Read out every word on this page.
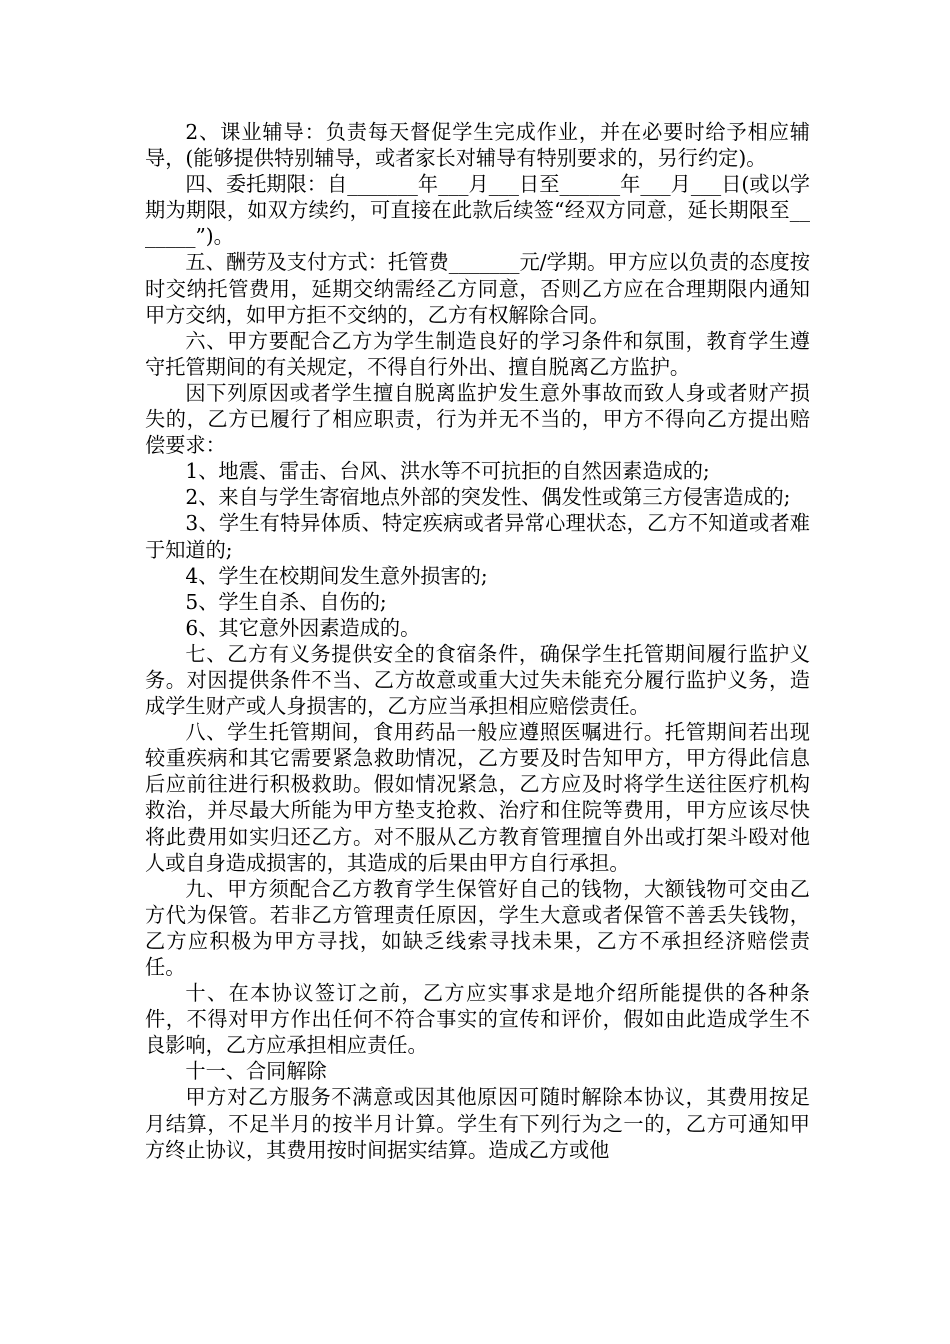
2、课业辅导：负责每天督促学生完成作业，并在必要时给予相应辅导，(能够提供特别辅导，或者家长对辅导有特别要求的，另行约定)。

四、委托期限：自_______年___月___日至______年___月___日(或以学期为期限，如双方续约，可直接在此款后续签“经双方同意，延长期限至_______”)。

五、酬劳及支付方式：托管费_______元/学期。甲方应以负责的态度按时交纳托管费用，延期交纳需经乙方同意，否则乙方应在合理期限内通知甲方交纳，如甲方拒不交纳的，乙方有权解除合同。

六、甲方要配合乙方为学生制造良好的学习条件和氛围，教育学生遵守托管期间的有关规定，不得自行外出、擅自脱离乙方监护。

因下列原因或者学生擅自脱离监护发生意外事故而致人身或者财产损失的，乙方已履行了相应职责，行为并无不当的，甲方不得向乙方提出赔偿要求：

1、地震、雷击、台风、洪水等不可抗拒的自然因素造成的;

2、来自与学生寄宿地点外部的突发性、偶发性或第三方侵害造成的;

3、学生有特异体质、特定疾病或者异常心理状态，乙方不知道或者难于知道的;

4、学生在校期间发生意外损害的;

5、学生自杀、自伤的;

6、其它意外因素造成的。

七、乙方有义务提供安全的食宿条件，确保学生托管期间履行监护义务。对因提供条件不当、乙方故意或重大过失未能充分履行监护义务，造成学生财产或人身损害的，乙方应当承担相应赔偿责任。

八、学生托管期间，食用药品一般应遵照医嘱进行。托管期间若出现较重疾病和其它需要紧急救助情况，乙方要及时告知甲方，甲方得此信息后应前往进行积极救助。假如情况紧急，乙方应及时将学生送往医疗机构救治，并尽最大所能为甲方垫支抢救、治疗和住院等费用，甲方应该尽快将此费用如实归还乙方。对不服从乙方教育管理擅自外出或打架斗殴对他人或自身造成损害的，其造成的后果由甲方自行承担。

九、甲方须配合乙方教育学生保管好自己的钱物，大额钱物可交由乙方代为保管。若非乙方管理责任原因，学生大意或者保管不善丢失钱物，乙方应积极为甲方寻找，如缺乏线索寻找未果，乙方不承担经济赔偿责任。

十、在本协议签订之前，乙方应实事求是地介绍所能提供的各种条件，不得对甲方作出任何不符合事实的宣传和评价，假如由此造成学生不良影响，乙方应承担相应责任。

十一、合同解除

甲方对乙方服务不满意或因其他原因可随时解除本协议，其费用按足月结算，不足半月的按半月计算。学生有下列行为之一的，乙方可通知甲方终止协议，其费用按时间据实结算。造成乙方或他
